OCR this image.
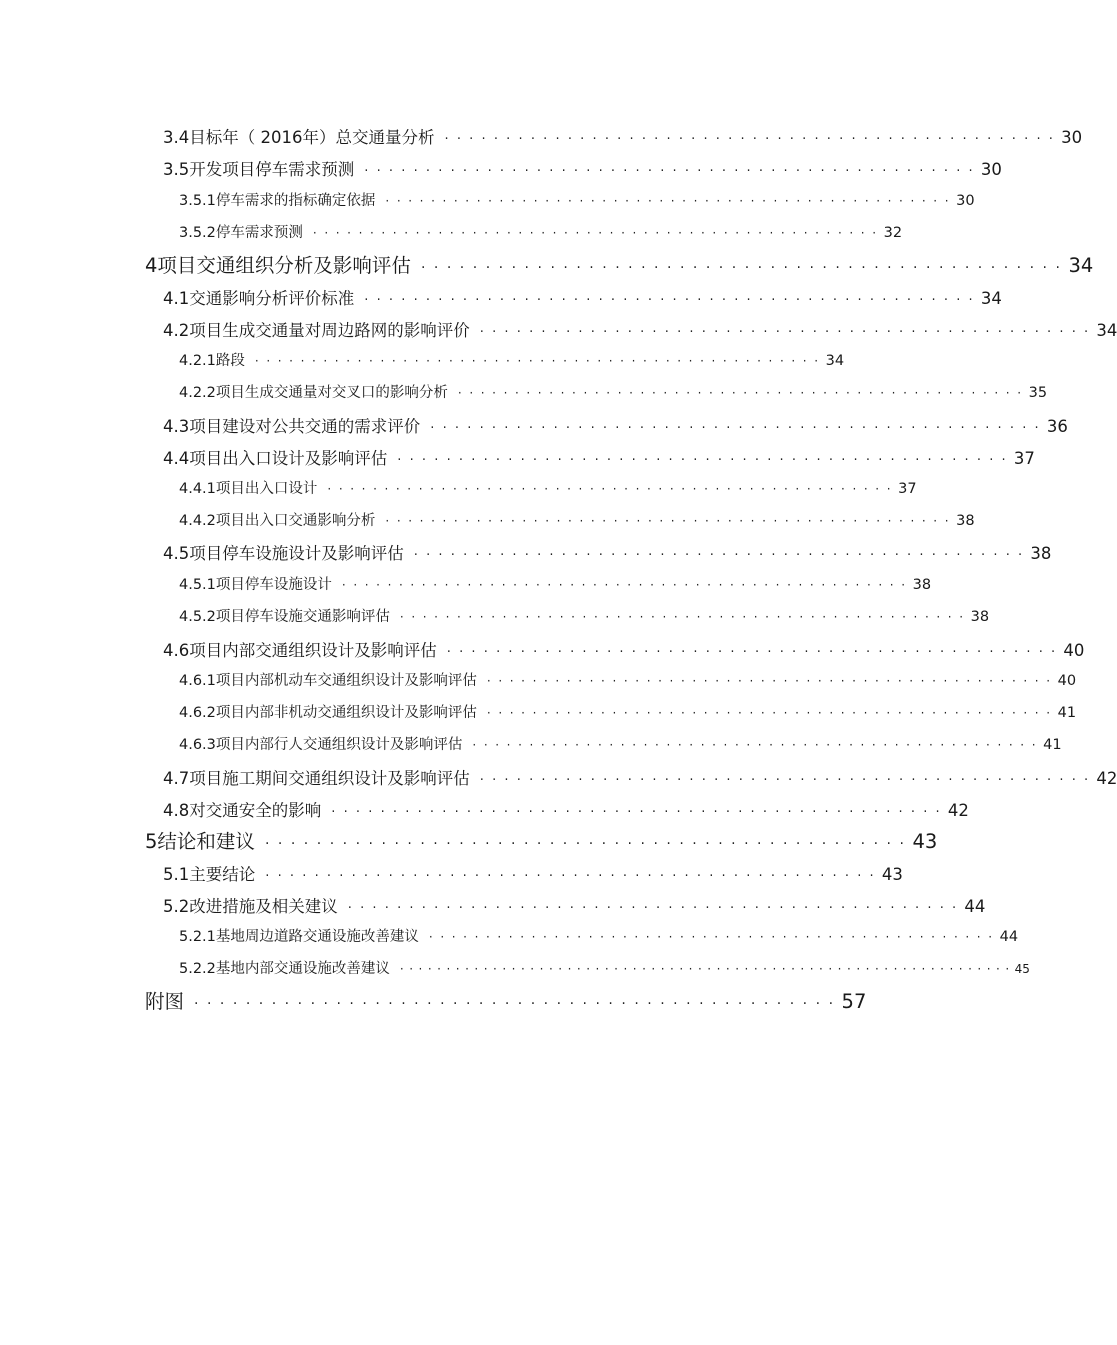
3.4 目标年（ 2016年）总交通量分析 ·················································· 30
3.5 开发项目停车需求预测 ·················································· 30
3.5.1 停车需求的指标确定依据 ·················································· 30
3.5.2 停车需求预测 ·················································· 32
4 项目交通组织分析及影响评估 ·················································· 34
4.1 交通影响分析评价标准 ·················································· 34
4.2 项目生成交通量对周边路网的影响评价 ·················································· 34
4.2.1 路段 ·················································· 34
4.2.2 项目生成交通量对交叉口的影响分析 ·················································· 35
4.3 项目建设对公共交通的需求评价 ·················································· 36
4.4 项目出入口设计及影响评估 ·················································· 37
4.4.1 项目出入口设计 ·················································· 37
4.4.2 项目出入口交通影响分析 ·················································· 38
4.5 项目停车设施设计及影响评估 ·················································· 38
4.5.1 项目停车设施设计 ·················································· 38
4.5.2 项目停车设施交通影响评估 ·················································· 38
4.6 项目内部交通组织设计及影响评估 ·················································· 40
4.6.1 项目内部机动车交通组织设计及影响评估 ·················································· 40
4.6.2 项目内部非机动交通组织设计及影响评估 ·················································· 41
4.6.3 项目内部行人交通组织设计及影响评估 ·················································· 41
4.7 项目施工期间交通组织设计及影响评估 ·················································· 42
4.8 对交通安全的影响 ·················································· 42
5 结论和建议 ·················································· 43
5.1 主要结论 ·················································· 43
5.2 改进措施及相关建议 ·················································· 44
5.2.1 基地周边道路交通设施改善建议 ·················································· 44
5.2.2 基地内部交通设施改善建议 ·································································· 45
附图 ·················································· 57
